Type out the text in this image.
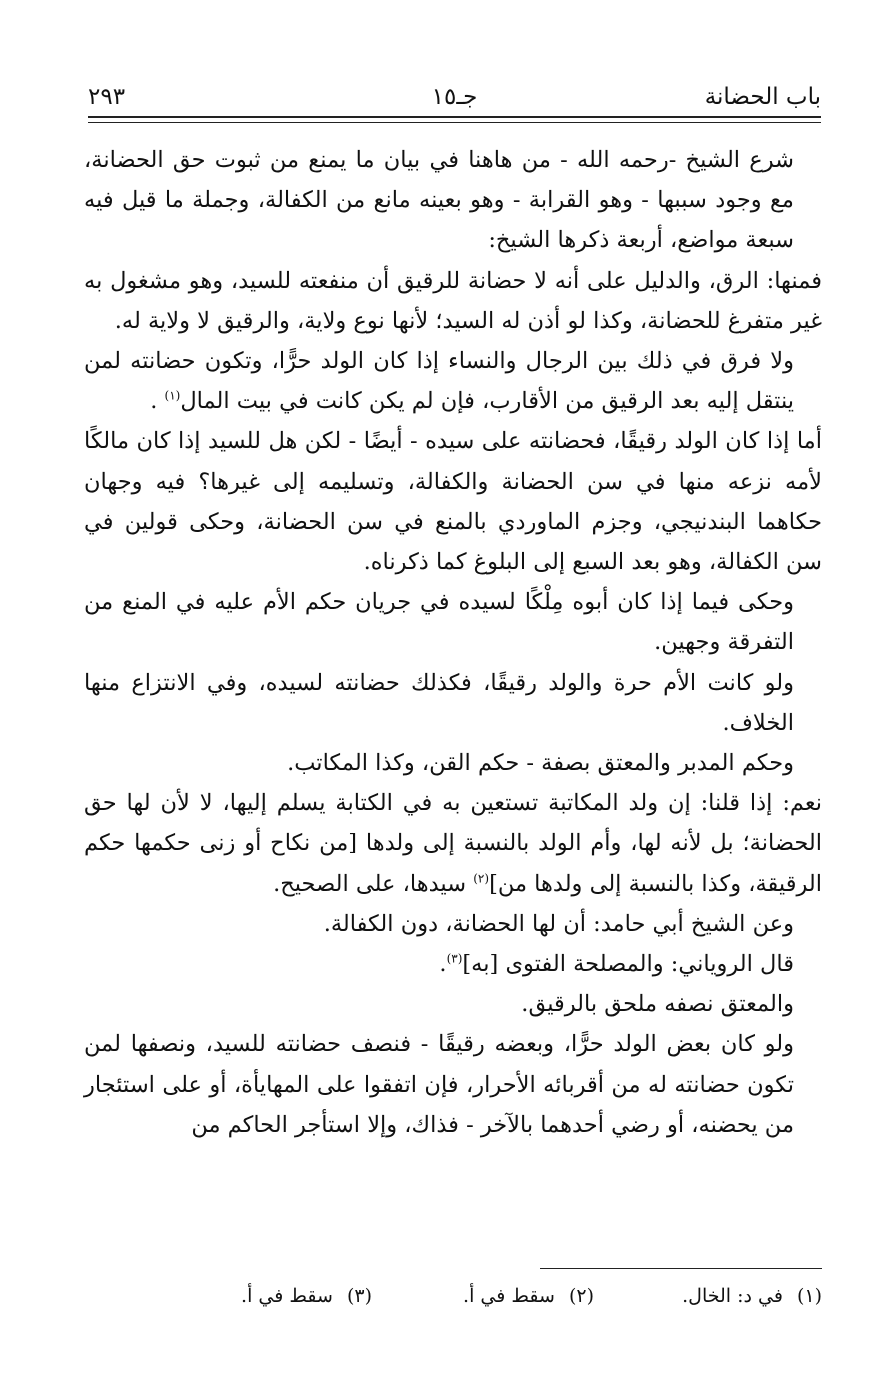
باب الحضانة
جـ١٥
٢٩٣

شرع الشيخ -رحمه الله - من هاهنا في بيان ما يمنع من ثبوت حق الحضانة، مع وجود سببها - وهو القرابة - وهو بعينه مانع من الكفالة، وجملة ما قيل فيه سبعة مواضع، أربعة ذكرها الشيخ:

فمنها: الرق، والدليل على أنه لا حضانة للرقيق أن منفعته للسيد، وهو مشغول به غير متفرغ للحضانة، وكذا لو أذن له السيد؛ لأنها نوع ولاية، والرقيق لا ولاية له.

ولا فرق في ذلك بين الرجال والنساء إذا كان الولد حرًّا، وتكون حضانته لمن ينتقل إليه بعد الرقيق من الأقارب، فإن لم يكن كانت في بيت المال$^{(١)}$ .

أما إذا كان الولد رقيقًا، فحضانته على سيده - أيضًا - لكن هل للسيد إذا كان مالكًا لأمه نزعه منها في سن الحضانة والكفالة، وتسليمه إلى غيرها؟ فيه وجهان حكاهما البندنيجي، وجزم الماوردي بالمنع في سن الحضانة، وحكى قولين في سن الكفالة، وهو بعد السبع إلى البلوغ كما ذكرناه.

وحكى فيما إذا كان أبوه مِلْكًا لسيده في جريان حكم الأم عليه في المنع من التفرقة وجهين.

ولو كانت الأم حرة والولد رقيقًا، فكذلك حضانته لسيده، وفي الانتزاع منها الخلاف.

وحكم المدبر والمعتق بصفة - حكم القن، وكذا المكاتب.

نعم: إذا قلنا: إن ولد المكاتبة تستعين به في الكتابة يسلم إليها، لا لأن لها حق الحضانة؛ بل لأنه لها، وأم الولد بالنسبة إلى ولدها [من نكاح أو زنى حكمها حكم الرقيقة، وكذا بالنسبة إلى ولدها من]$^{(٢)}$ سيدها، على الصحيح.

وعن الشيخ أبي حامد: أن لها الحضانة، دون الكفالة.

قال الروياني: والمصلحة الفتوى [به]$^{(٣)}$.

والمعتق نصفه ملحق بالرقيق.

ولو كان بعض الولد حرًّا، وبعضه رقيقًا - فنصف حضانته للسيد، ونصفها لمن تكون حضانته له من أقربائه الأحرار، فإن اتفقوا على المهايأة، أو على استئجار من يحضنه، أو رضي أحدهما بالآخر - فذاك، وإلا استأجر الحاكم من

(١)في د: الخال.
(٢)سقط في أ.
(٣)سقط في أ.
